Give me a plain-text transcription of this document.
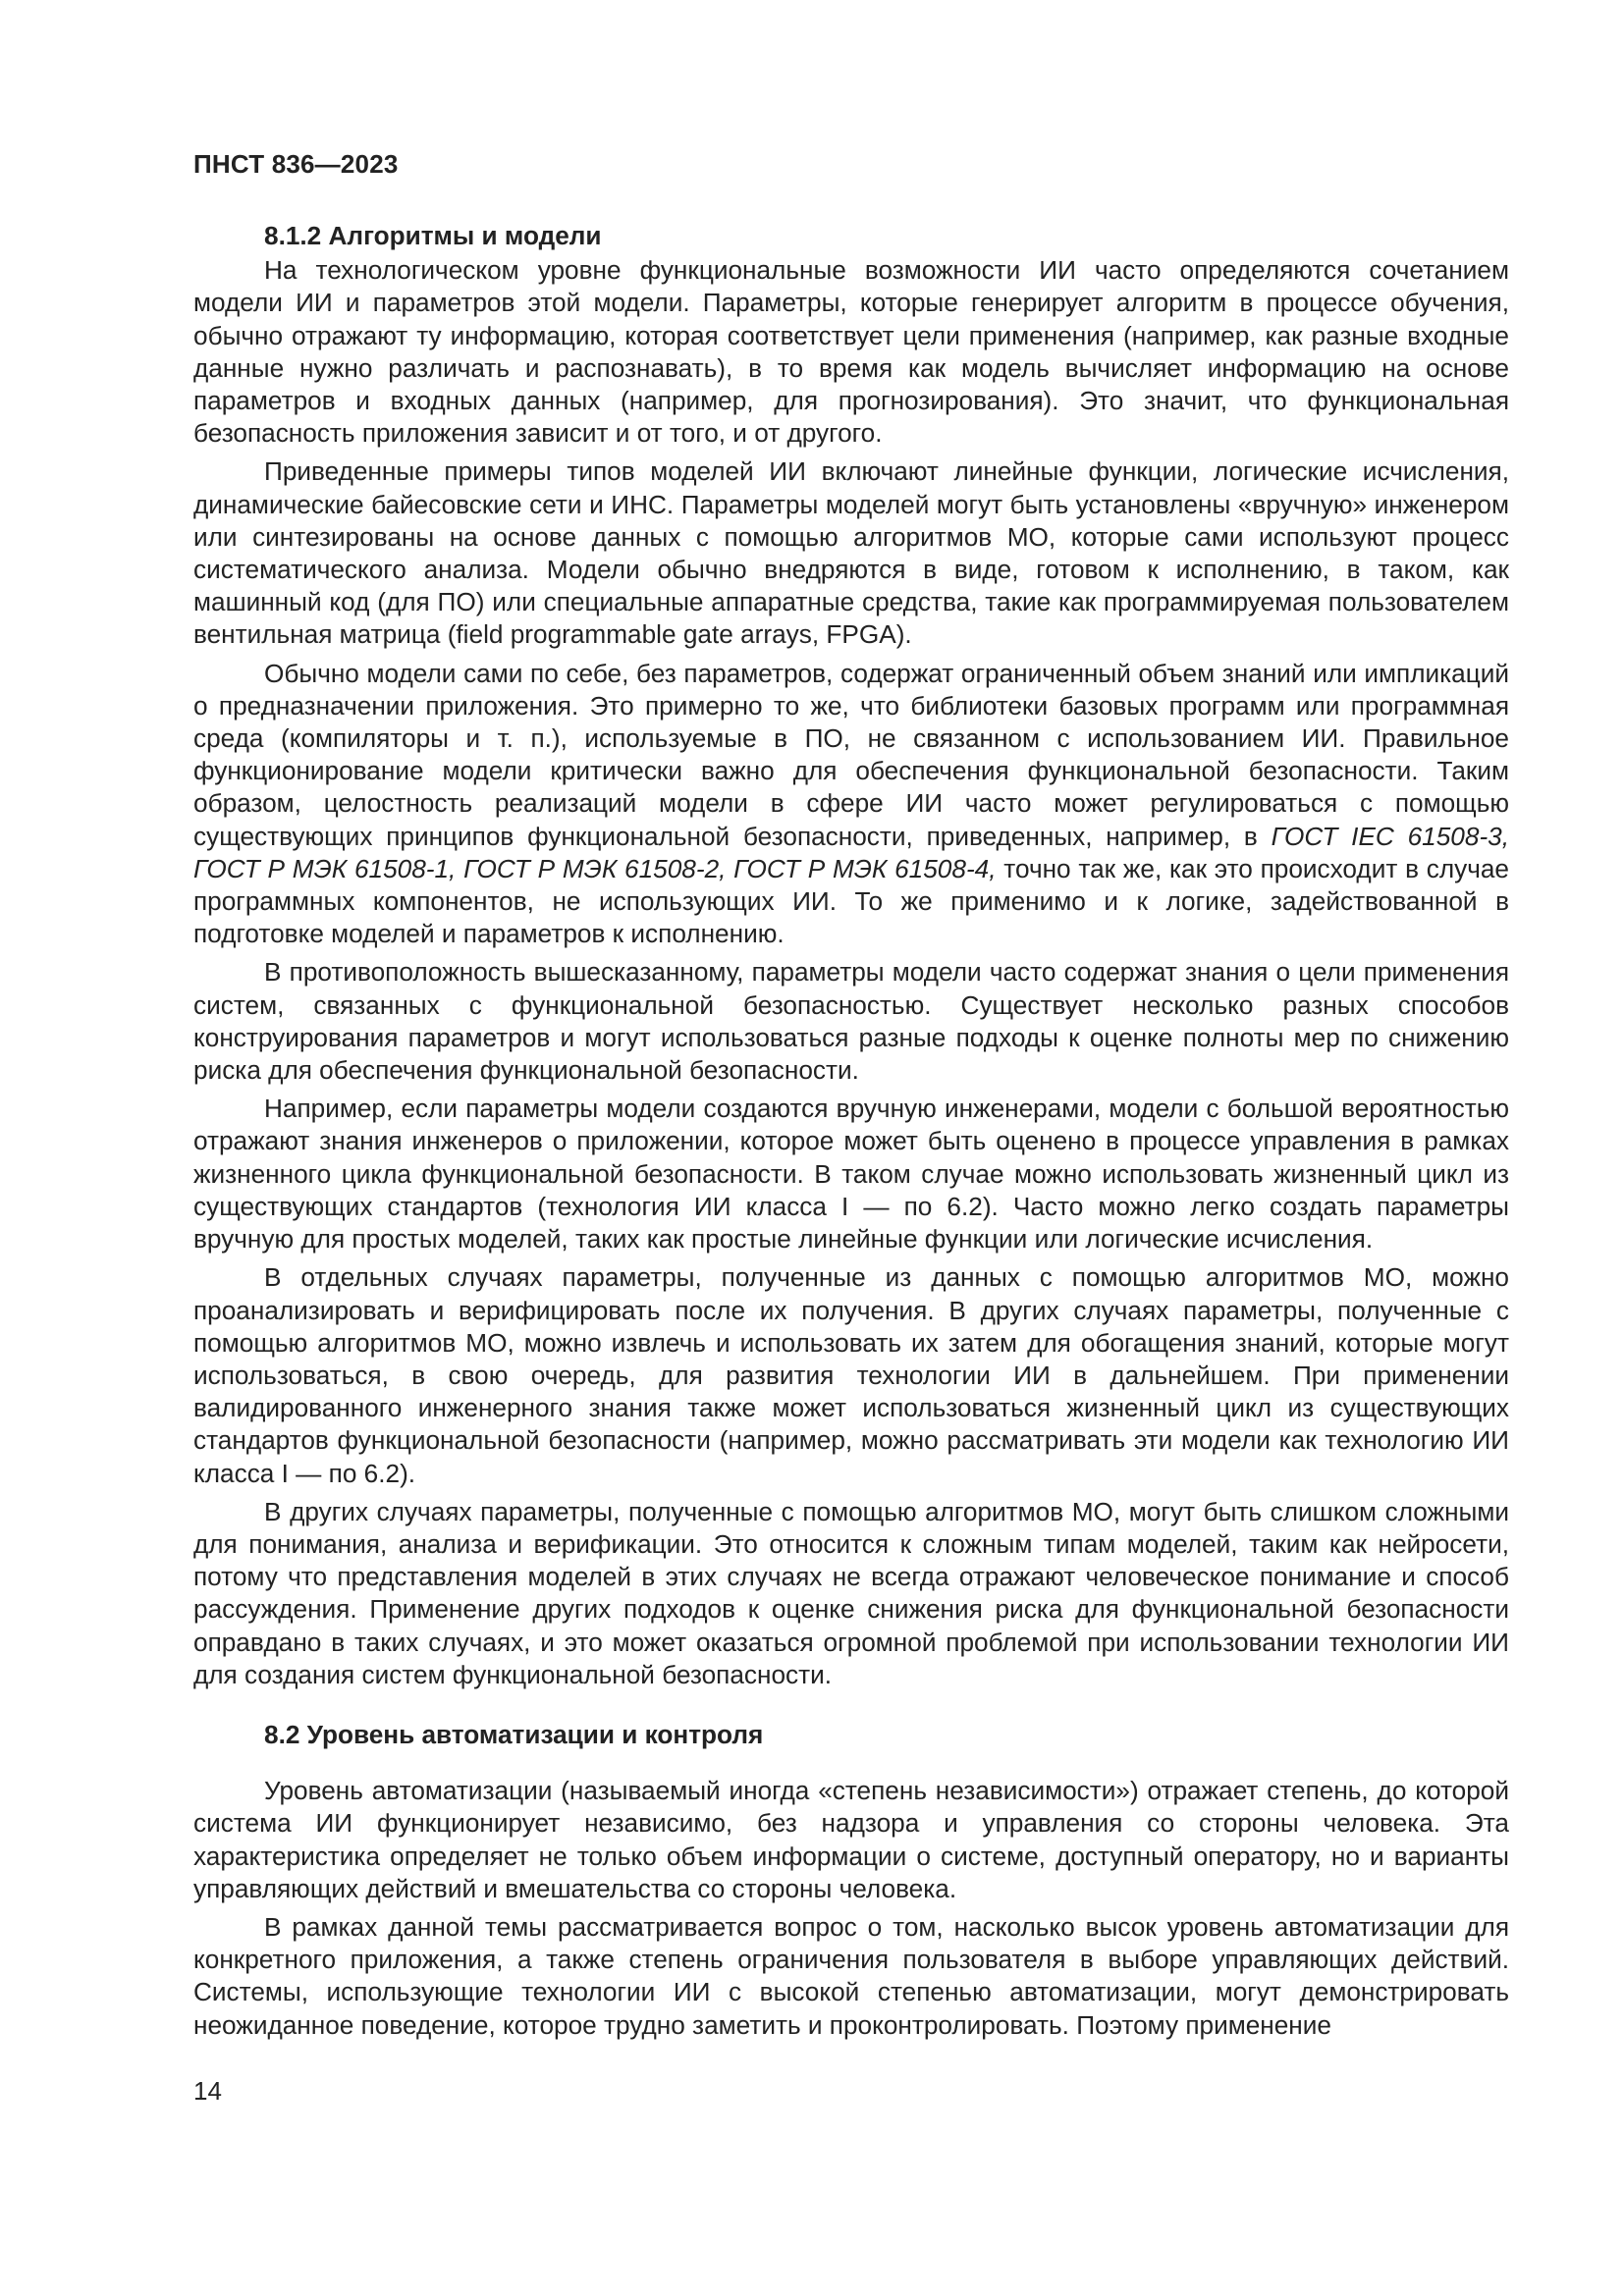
ПНСТ 836—2023
8.1.2 Алгоритмы и модели

На технологическом уровне функциональные возможности ИИ часто определяются сочетанием модели ИИ и параметров этой модели. Параметры, которые генерирует алгоритм в процессе обучения, обычно отражают ту информацию, которая соответствует цели применения (например, как разные входные данные нужно различать и распознавать), в то время как модель вычисляет информацию на основе параметров и входных данных (например, для прогнозирования). Это значит, что функциональная безопасность приложения зависит и от того, и от другого.

Приведенные примеры типов моделей ИИ включают линейные функции, логические исчисления, динамические байесовские сети и ИНС. Параметры моделей могут быть установлены «вручную» инженером или синтезированы на основе данных с помощью алгоритмов МО, которые сами используют процесс систематического анализа. Модели обычно внедряются в виде, готовом к исполнению, в таком, как машинный код (для ПО) или специальные аппаратные средства, такие как программируемая пользователем вентильная матрица (field programmable gate arrays, FPGA).

Обычно модели сами по себе, без параметров, содержат ограниченный объем знаний или импликаций о предназначении приложения. Это примерно то же, что библиотеки базовых программ или программная среда (компиляторы и т. п.), используемые в ПО, не связанном с использованием ИИ. Правильное функционирование модели критически важно для обеспечения функциональной безопасности. Таким образом, целостность реализаций модели в сфере ИИ часто может регулироваться с помощью существующих принципов функциональной безопасности, приведенных, например, в ГОСТ IEC 61508-3, ГОСТ Р МЭК 61508-1, ГОСТ Р МЭК 61508-2, ГОСТ Р МЭК 61508-4, точно так же, как это происходит в случае программных компонентов, не использующих ИИ. То же применимо и к логике, задействованной в подготовке моделей и параметров к исполнению.

В противоположность вышесказанному, параметры модели часто содержат знания о цели применения систем, связанных с функциональной безопасностью. Существует несколько разных способов конструирования параметров и могут использоваться разные подходы к оценке полноты мер по снижению риска для обеспечения функциональной безопасности.

Например, если параметры модели создаются вручную инженерами, модели с большой вероятностью отражают знания инженеров о приложении, которое может быть оценено в процессе управления в рамках жизненного цикла функциональной безопасности. В таком случае можно использовать жизненный цикл из существующих стандартов (технология ИИ класса I — по 6.2). Часто можно легко создать параметры вручную для простых моделей, таких как простые линейные функции или логические исчисления.

В отдельных случаях параметры, полученные из данных с помощью алгоритмов МО, можно проанализировать и верифицировать после их получения. В других случаях параметры, полученные с помощью алгоритмов МО, можно извлечь и использовать их затем для обогащения знаний, которые могут использоваться, в свою очередь, для развития технологии ИИ в дальнейшем. При применении валидированного инженерного знания также может использоваться жизненный цикл из существующих стандартов функциональной безопасности (например, можно рассматривать эти модели как технологию ИИ класса I — по 6.2).

В других случаях параметры, полученные с помощью алгоритмов МО, могут быть слишком сложными для понимания, анализа и верификации. Это относится к сложным типам моделей, таким как нейросети, потому что представления моделей в этих случаях не всегда отражают человеческое понимание и способ рассуждения. Применение других подходов к оценке снижения риска для функциональной безопасности оправдано в таких случаях, и это может оказаться огромной проблемой при использовании технологии ИИ для создания систем функциональной безопасности.

8.2 Уровень автоматизации и контроля

Уровень автоматизации (называемый иногда «степень независимости») отражает степень, до которой система ИИ функционирует независимо, без надзора и управления со стороны человека. Эта характеристика определяет не только объем информации о системе, доступный оператору, но и варианты управляющих действий и вмешательства со стороны человека.

В рамках данной темы рассматривается вопрос о том, насколько высок уровень автоматизации для конкретного приложения, а также степень ограничения пользователя в выборе управляющих действий. Системы, использующие технологии ИИ с высокой степенью автоматизации, могут демонстрировать неожиданное поведение, которое трудно заметить и проконтролировать. Поэтому применение

14
